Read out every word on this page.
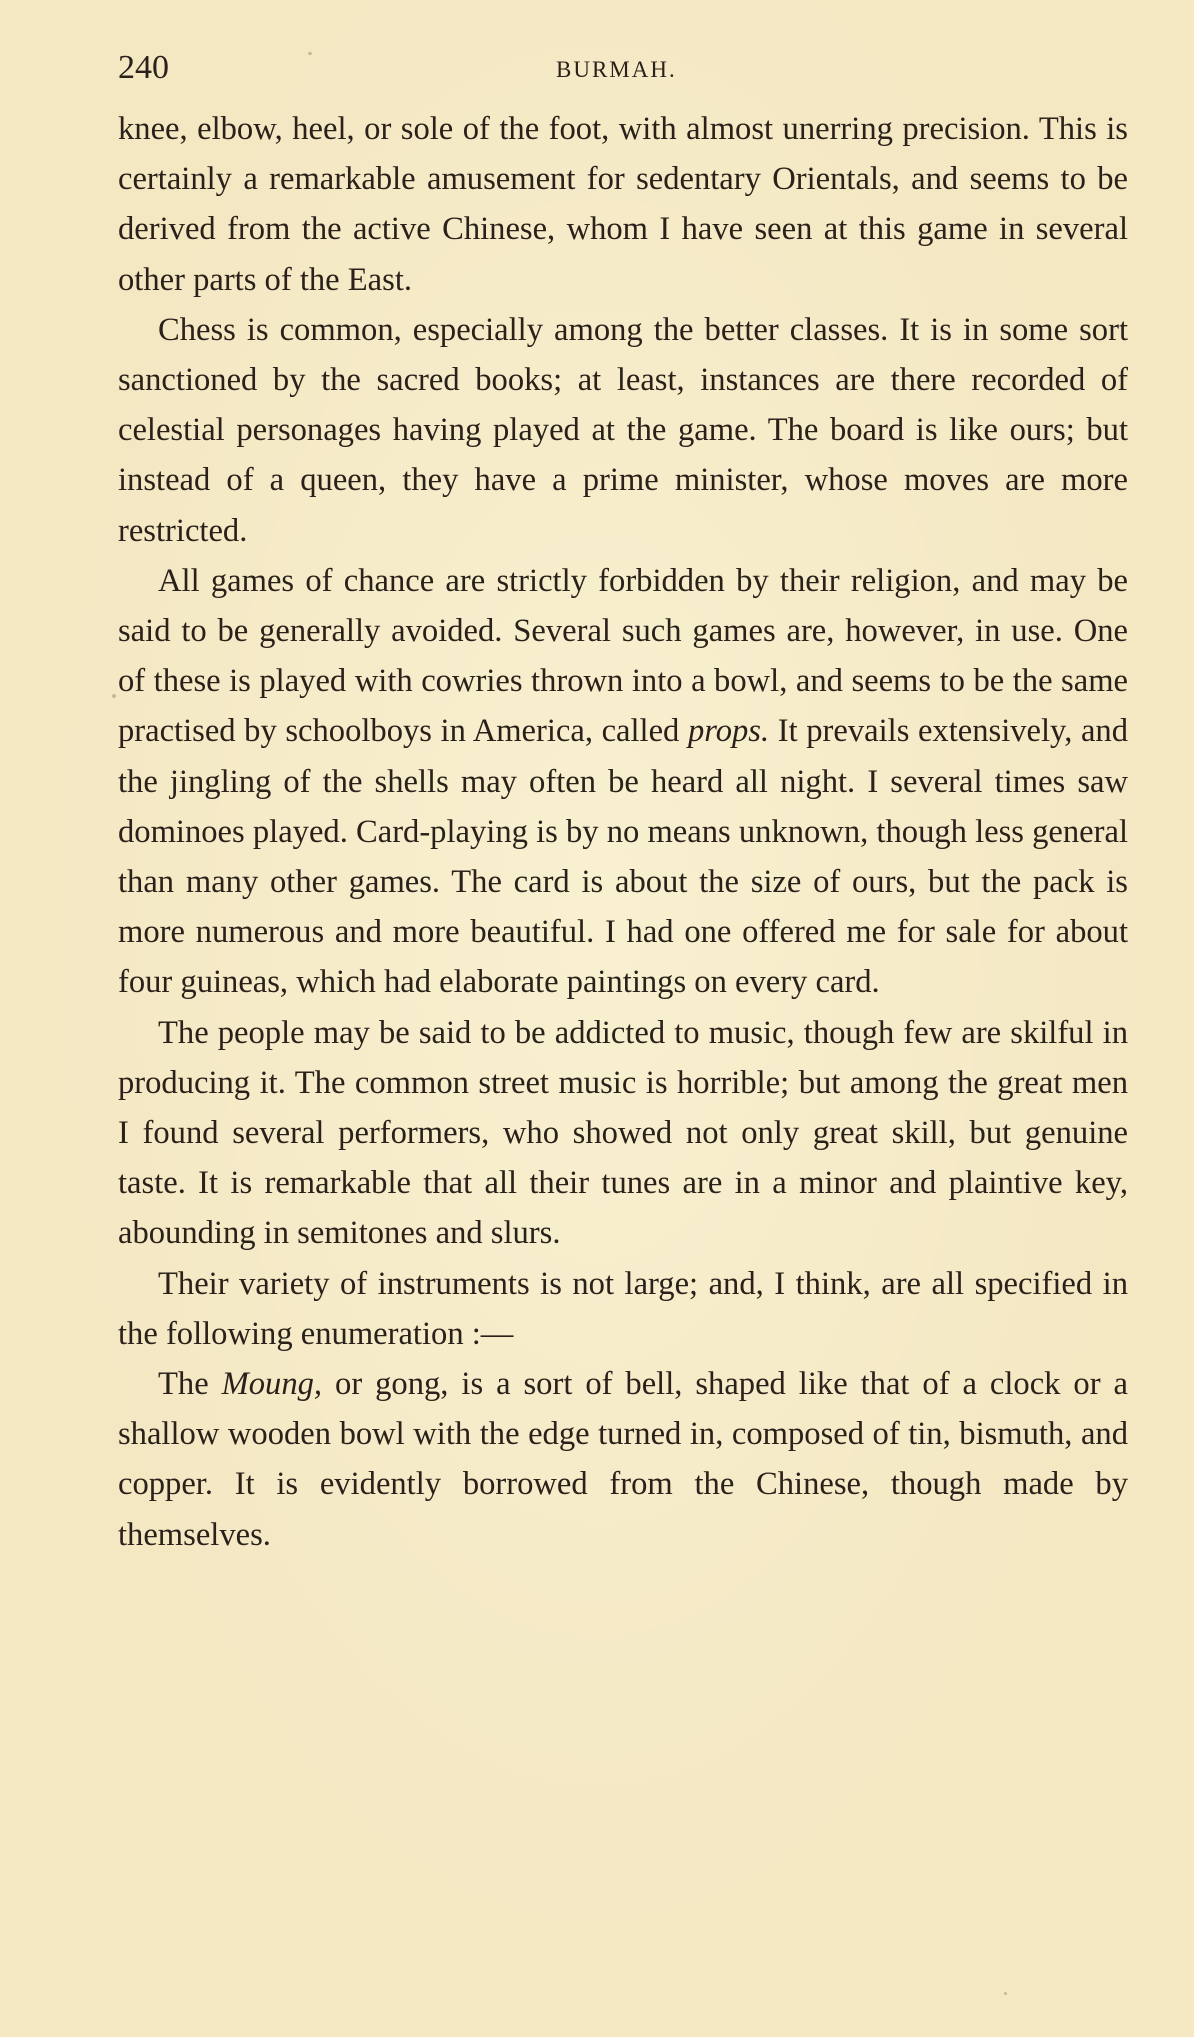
240	BURMAH.

knee, elbow, heel, or sole of the foot, with almost unerring precision. This is certainly a remarkable amusement for sedentary Orientals, and seems to be derived from the active Chinese, whom I have seen at this game in several other parts of the East.

Chess is common, especially among the better classes. It is in some sort sanctioned by the sacred books; at least, instances are there recorded of celestial personages having played at the game. The board is like ours; but instead of a queen, they have a prime minister, whose moves are more restricted.

All games of chance are strictly forbidden by their religion, and may be said to be generally avoided. Several such games are, however, in use. One of these is played with cowries thrown into a bowl, and seems to be the same practised by schoolboys in America, called props. It prevails extensively, and the jingling of the shells may often be heard all night. I several times saw dominoes played. Card-playing is by no means unknown, though less general than many other games. The card is about the size of ours, but the pack is more numerous and more beautiful. I had one offered me for sale for about four guineas, which had elaborate paintings on every card.

The people may be said to be addicted to music, though few are skilful in producing it. The common street music is horrible; but among the great men I found several performers, who showed not only great skill, but genuine taste. It is remarkable that all their tunes are in a minor and plaintive key, abounding in semitones and slurs.

Their variety of instruments is not large; and, I think, are all specified in the following enumeration :—

The Moung, or gong, is a sort of bell, shaped like that of a clock or a shallow wooden bowl with the edge turned in, composed of tin, bismuth, and copper. It is evidently borrowed from the Chinese, though made by themselves.
